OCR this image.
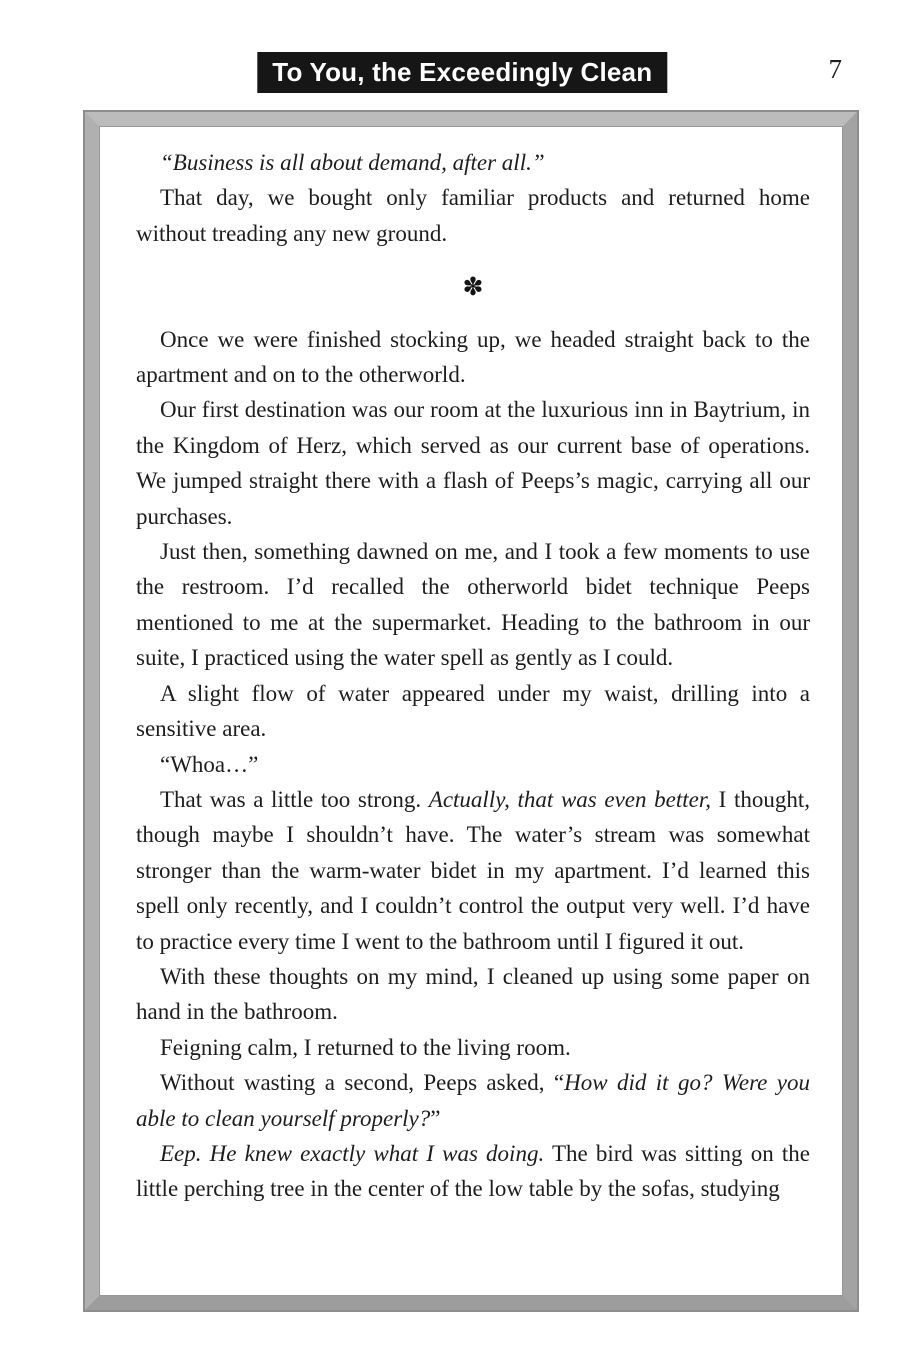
To You, the Exceedingly Clean	7

“Business is all about demand, after all.”

That day, we bought only familiar products and returned home without treading any new ground.

✽

Once we were finished stocking up, we headed straight back to the apartment and on to the otherworld.

Our first destination was our room at the luxurious inn in Baytrium, in the Kingdom of Herz, which served as our current base of operations. We jumped straight there with a flash of Peeps’s magic, carrying all our purchases.

Just then, something dawned on me, and I took a few moments to use the restroom. I’d recalled the otherworld bidet technique Peeps mentioned to me at the supermarket. Heading to the bathroom in our suite, I practiced using the water spell as gently as I could.

A slight flow of water appeared under my waist, drilling into a sensitive area.

“Whoa…”

That was a little too strong. Actually, that was even better, I thought, though maybe I shouldn’t have. The water’s stream was somewhat stronger than the warm-water bidet in my apartment. I’d learned this spell only recently, and I couldn’t control the output very well. I’d have to practice every time I went to the bathroom until I figured it out.

With these thoughts on my mind, I cleaned up using some paper on hand in the bathroom.

Feigning calm, I returned to the living room.

Without wasting a second, Peeps asked, “How did it go? Were you able to clean yourself properly?”

Eep. He knew exactly what I was doing. The bird was sitting on the little perching tree in the center of the low table by the sofas, studying
